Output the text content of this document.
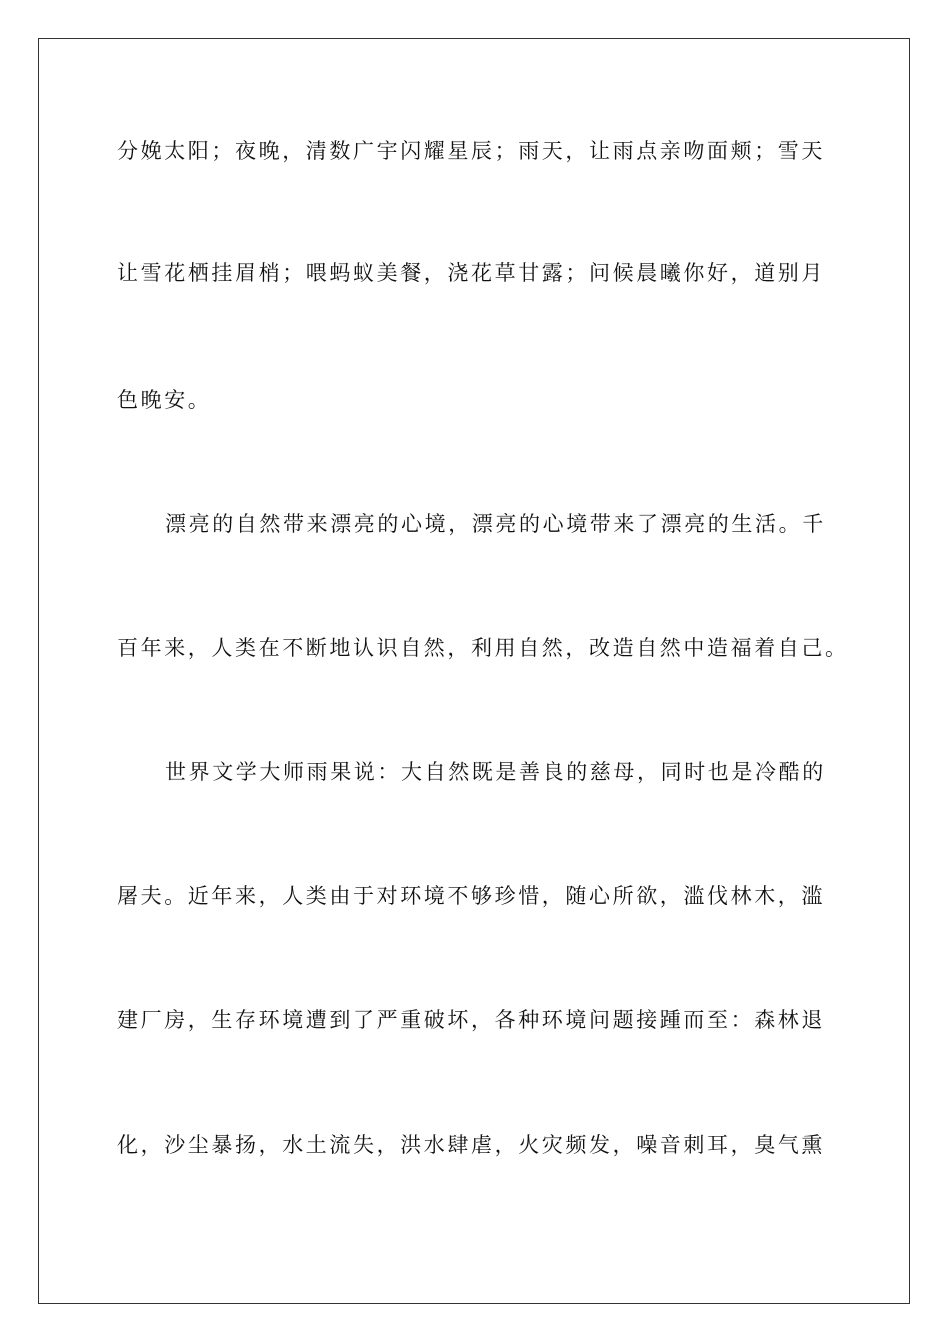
分娩太阳；夜晚，清数广宇闪耀星辰；雨天，让雨点亲吻面颊；雪天
让雪花栖挂眉梢；喂蚂蚁美餐，浇花草甘露；问候晨曦你好，道别月
色晚安。
漂亮的自然带来漂亮的心境，漂亮的心境带来了漂亮的生活。千
百年来，人类在不断地认识自然，利用自然，改造自然中造福着自己。
世界文学大师雨果说：大自然既是善良的慈母，同时也是冷酷的
屠夫。近年来，人类由于对环境不够珍惜，随心所欲，滥伐林木，滥
建厂房，生存环境遭到了严重破坏，各种环境问题接踵而至：森林退
化，沙尘暴扬，水土流失，洪水肆虐，火灾频发，噪音刺耳，臭气熏
